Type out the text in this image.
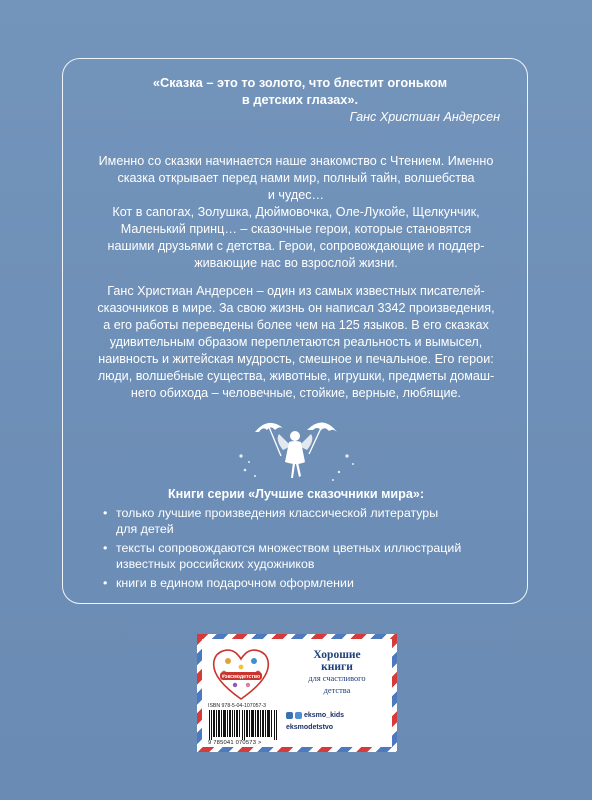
«Сказка – это то золото, что блестит огоньком
в детских глазах».
Ганс Христиан Андерсен
Именно со сказки начинается наше знакомство с Чтением. Именно
сказка открывает перед нами мир, полный тайн, волшебства
и чудес…
Кот в сапогах, Золушка, Дюймовочка, Оле-Лукойе, Щелкунчик,
Маленький принц… – сказочные герои, которые становятся
нашими друзьями с детства. Герои, сопровождающие и поддер-
живающие нас во взрослой жизни.
Ганс Христиан Андерсен – один из самых известных писателей-
сказочников в мире. За свою жизнь он написал 3342 произведения,
а его работы переведены более чем на 125 языков. В его сказках
удивительным образом переплетаются реальность и вымысел,
наивность и житейская мудрость, смешное и печальное. Его герои:
люди, волшебные существа, животные, игрушки, предметы домаш-
него обихода – человечные, стойкие, верные, любящие.
Книги серии «Лучшие сказочники мира»:
• только лучшие произведения классической литературы
для детей
• тексты сопровождаются множеством цветных иллюстраций
известных российских художников
• книги в едином подарочном оформлении
#эксмодетство
Хорошие
книги
для счастливого
детства
ISBN 978-5-04-107057-3
9 785041 070573 >
eksmo_kids
eksmodetstvo
